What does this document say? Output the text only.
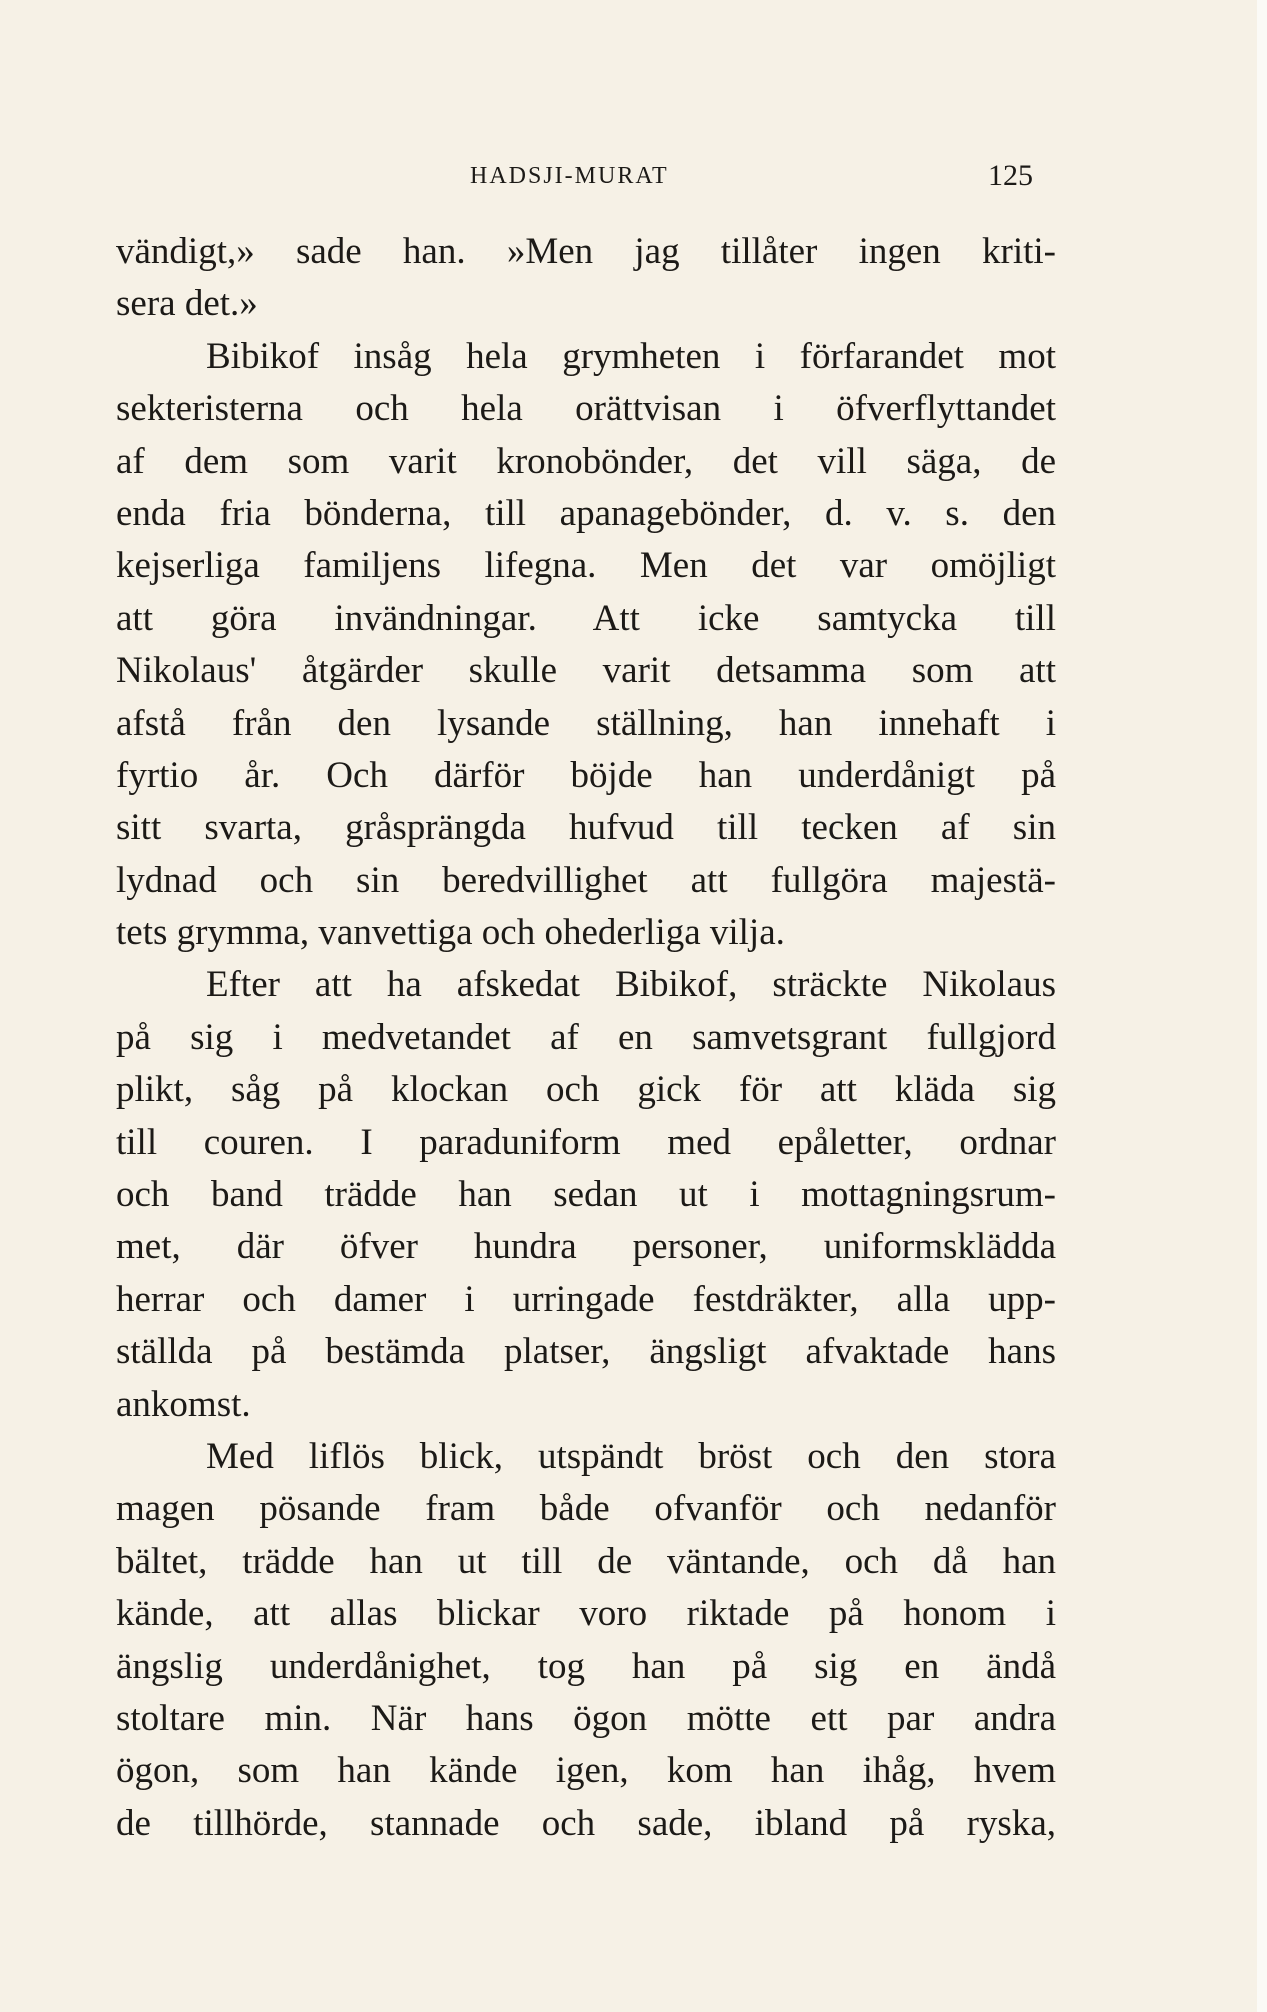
HADSJI-MURAT	125
vändigt,» sade han. »Men jag tillåter ingen kriti-
sera det.»
Bibikof insåg hela grymheten i förfarandet mot
sekteristerna och hela orättvisan i öfverflyttandet
af dem som varit kronobönder, det vill säga, de
enda fria bönderna, till apanagebönder, d. v. s. den
kejserliga familjens lifegna. Men det var omöjligt
att göra invändningar. Att icke samtycka till
Nikolaus' åtgärder skulle varit detsamma som att
afstå från den lysande ställning, han innehaft i
fyrtio år. Och därför böjde han underdånigt på
sitt svarta, gråsprängda hufvud till tecken af sin
lydnad och sin beredvillighet att fullgöra majestä-
tets grymma, vanvettiga och ohederliga vilja.
Efter att ha afskedat Bibikof, sträckte Nikolaus
på sig i medvetandet af en samvetsgrant fullgjord
plikt, såg på klockan och gick för att kläda sig
till couren. I paraduniform med epåletter, ordnar
och band trädde han sedan ut i mottagningsrum-
met, där öfver hundra personer, uniformsklädda
herrar och damer i urringade festdräkter, alla upp-
ställda på bestämda platser, ängsligt afvaktade hans
ankomst.
Med liflös blick, utspändt bröst och den stora
magen pösande fram både ofvanför och nedanför
bältet, trädde han ut till de väntande, och då han
kände, att allas blickar voro riktade på honom i
ängslig underdånighet, tog han på sig en ändå
stoltare min. När hans ögon mötte ett par andra
ögon, som han kände igen, kom han ihåg, hvem
de tillhörde, stannade och sade, ibland på ryska,
